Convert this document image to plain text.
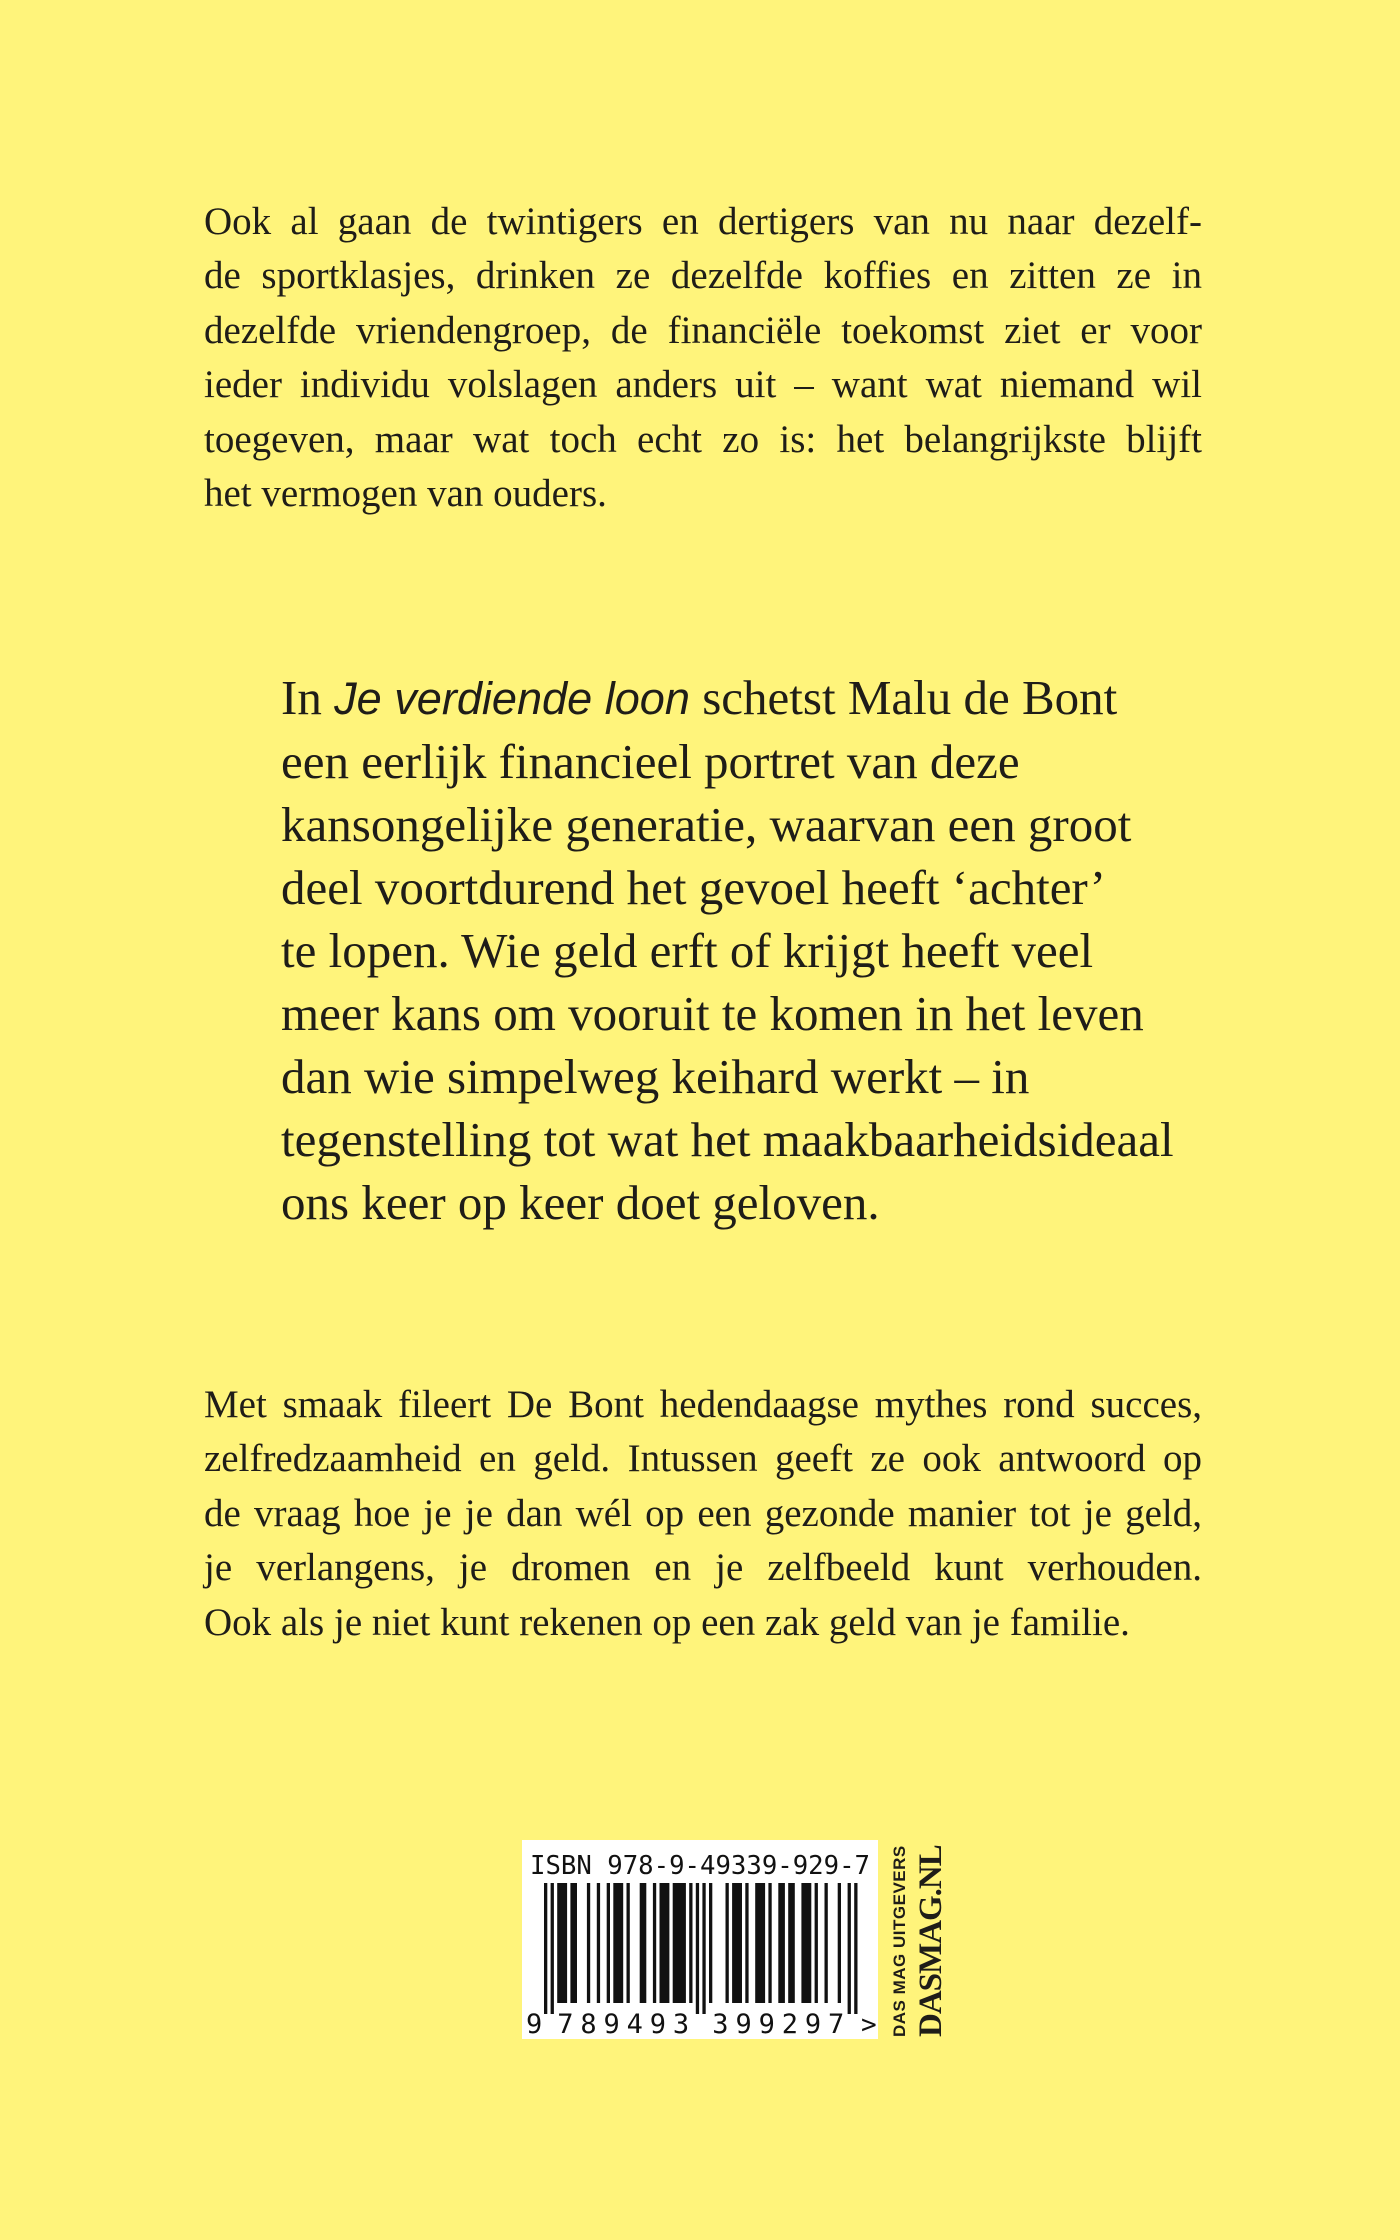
Ook al gaan de twintigers en dertigers van nu naar dezelf-
de sportklasjes, drinken ze dezelfde koffies en zitten ze in
dezelfde vriendengroep, de financiële toekomst ziet er voor
ieder individu volslagen anders uit – want wat niemand wil
toegeven, maar wat toch echt zo is: het belangrijkste blijft
het vermogen van ouders.
In Je verdiende loon schetst Malu de Bont
een eerlijk financieel portret van deze
kansongelijke generatie, waarvan een groot
deel voortdurend het gevoel heeft ‘achter’
te lopen. Wie geld erft of krijgt heeft veel
meer kans om vooruit te komen in het leven
dan wie simpelweg keihard werkt – in
tegenstelling tot wat het maakbaarheidsideaal
ons keer op keer doet geloven.
Met smaak fileert De Bont hedendaagse mythes rond succes,
zelfredzaamheid en geld. Intussen geeft ze ook antwoord op
de vraag hoe je je dan wél op een gezonde manier tot je geld,
je verlangens, je dromen en je zelfbeeld kunt verhouden.
Ook als je niet kunt rekenen op een zak geld van je familie.
ISBN 978-9-49339-929-7
9 789493 399297 > DAS MAG UITGEVERS DASMAG.NL
